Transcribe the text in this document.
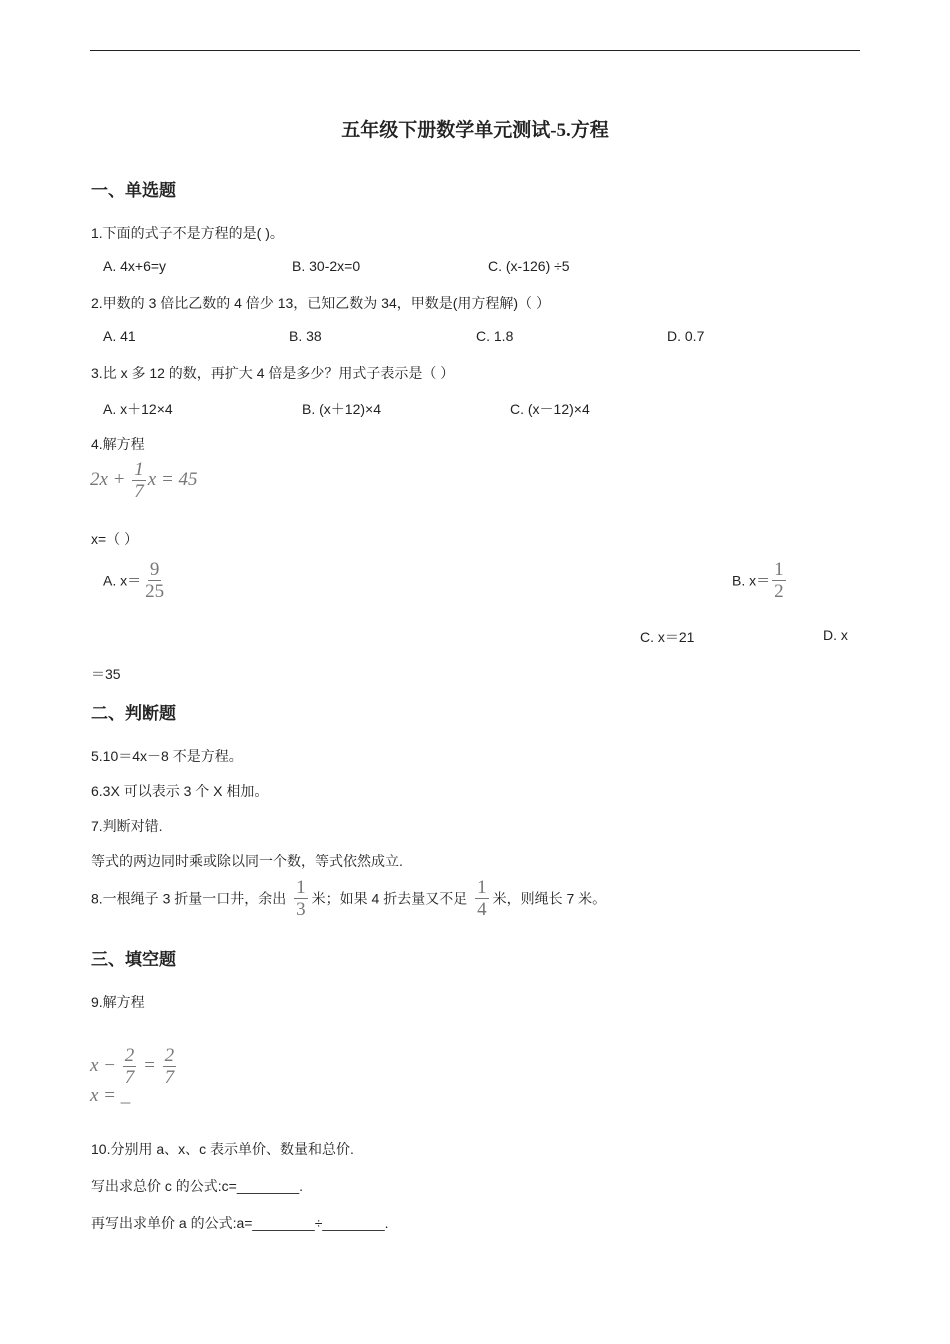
五年级下册数学单元测试-5.方程
一、单选题
1.下面的式子不是方程的是( )。
A. 4x+6=y	B. 30-2x=0	C. (x-126) ÷5
2.甲数的 3 倍比乙数的 4 倍少 13，已知乙数为 34，甲数是(用方程解)（ ）
A. 41	B. 38	C. 1.8	D. 0.7
3.比 x 多 12 的数，再扩大 4 倍是多少？用式子表示是（ ）
A. x＋12×4	B. (x＋12)×4	C. (x－12)×4
4.解方程
$2x + \frac{1}{7}$ x = 45
x=（ ）
A. $x= \frac{9}{25}$	B. $x= \frac{1}{2}$
C. x＝21	D. x
＝35
二、判断题
5.10＝4x－8 不是方程。
6.3X 可以表示 3 个 X 相加。
7.判断对错.
等式的两边同时乘或除以同一个数，等式依然成立.
8.一根绳子 3 折量一口井，余出 $\frac{1}{3}$ 米；如果 4 折去量又不足 $\frac{1}{4}$ 米，则绳长 7 米。
三、填空题
9.解方程
$x - \frac{2}{7} = \frac{2}{7}$
x = _
10.分别用 a、x、c 表示单价、数量和总价.
写出求总价 c 的公式:c=________.
再写出求单价 a 的公式:a=________÷________.
